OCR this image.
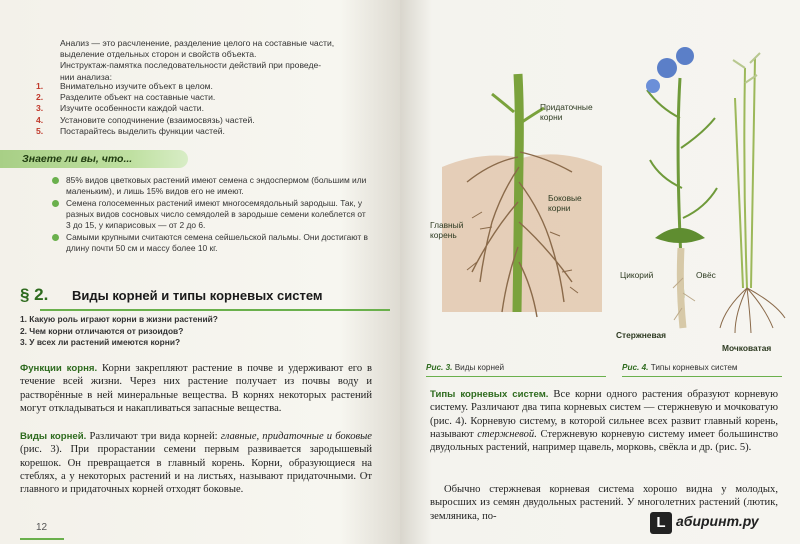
Анализ — это расчленение, разделение целого на составные части,
выделение отдельных сторон и свойств объекта.
Инструктаж-памятка последовательности действий при проведе-
нии анализа:
1.	Внимательно изучите объект в целом.
2.	Разделите объект на составные части.
3.	Изучите особенности каждой части.
4.	Установите соподчинение (взаимосвязь) частей.
5.	Постарайтесь выделить функции частей.
Знаете ли вы, что...
85% видов цветковых растений имеют семена с эндоспермом (большим или маленьким), и лишь 15% видов его не имеют.
Семена голосеменных растений имеют многосемядольный зародыш. Так, у разных видов сосновых число семядолей в зародыше семени колеблется от 3 до 15, у кипарисовых — от 2 до 6.
Самыми крупными считаются семена сейшельской пальмы. Они достигают в длину почти 50 см и массу более 10 кг.
§ 2. Виды корней и типы корневых систем
1. Какую роль играют корни в жизни растений?
2. Чем корни отличаются от ризоидов?
3. У всех ли растений имеются корни?
Функции корня. Корни закрепляют растение в почве и удерживают его в течение всей жизни. Через них растение получает из почвы воду и растворённые в ней минеральные вещества. В корнях некоторых растений могут откладываться и накапливаться запасные вещества.
Виды корней. Различают три вида корней: главные, придаточные и боковые (рис. 3). При прорастании семени первым развивается зародышевый корешок. Он превращается в главный корень. Корни, образующиеся на стеблях, а у некоторых растений и на листьях, называют придаточными. От главного и придаточных корней отходят боковые.
12
Придаточные корни
Боковые корни
Главный корень
Цикорий	Овёс
Стержневая
Мочковатая
Рис. 3. Виды корней	Рис. 4. Типы корневых систем
Типы корневых систем. Все корни одного растения образуют корневую систему. Различают два типа корневых систем — стержневую и мочковатую (рис. 4). Корневую систему, в которой сильнее всех развит главный корень, называют стержневой. Стержневую корневую систему имеет большинство двудольных растений, например щавель, морковь, свёкла и др. (рис. 5).
Обычно стержневая корневая система хорошо видна у молодых, выросших из семян двудольных растений. У многолетних растений (лютик, земляника, по-	L абиринт.ру
